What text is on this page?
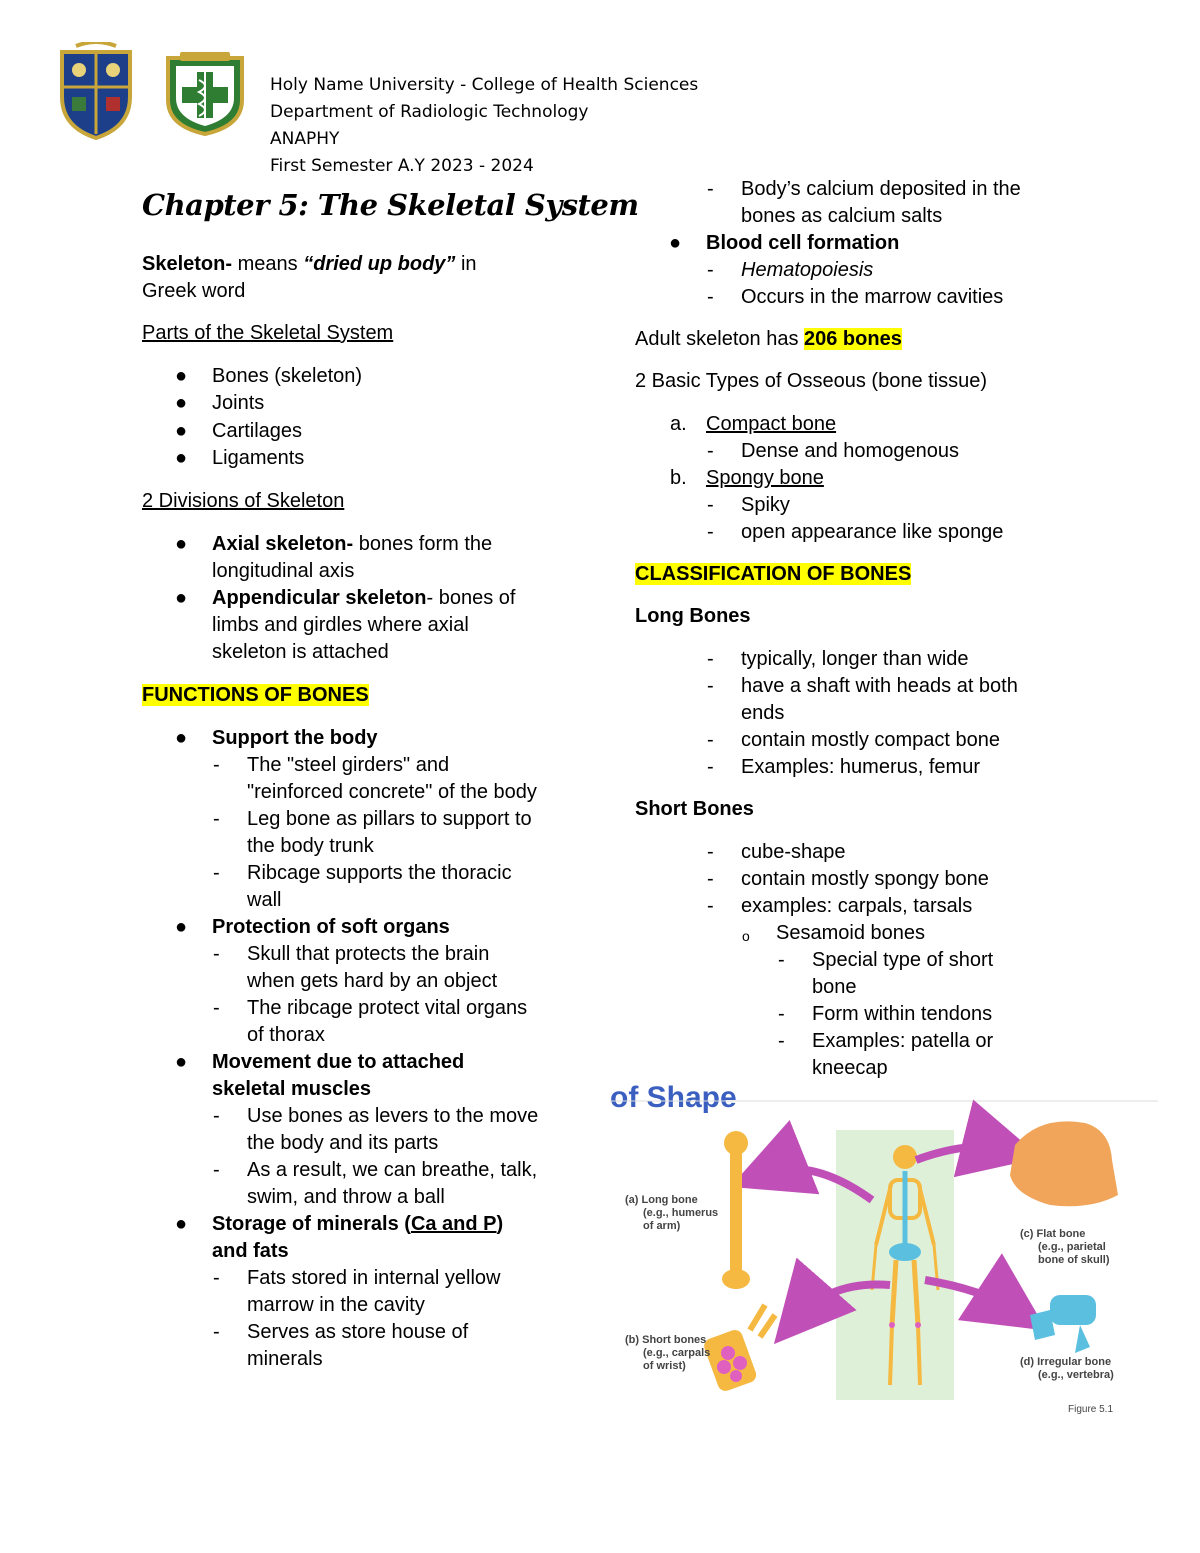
Holy Name University - College of Health Sciences
Department of Radiologic Technology
ANAPHY
First Semester A.Y 2023 - 2024
Chapter 5: The Skeletal System

Skeleton- means “dried up body” in

Greek word

Parts of the Skeletal System

● Bones (skeleton)
● Joints
● Cartilages
● Ligaments

2 Divisions of Skeleton

● Axial skeleton- bones form the
longitudinal axis
● Appendicular skeleton- bones of
limbs and girdles where axial
skeleton is attached

FUNCTIONS OF BONES

● Support the body
- The "steel girders" and
"reinforced concrete" of the body
- Leg bone as pillars to support to
the body trunk
- Ribcage supports the thoracic
wall
● Protection of soft organs
- Skull that protects the brain
when gets hard by an object
- The ribcage protect vital organs
of thorax
● Movement due to attached
skeletal muscles
- Use bones as levers to the move
the body and its parts
- As a result, we can breathe, talk,
swim, and throw a ball
● Storage of minerals (Ca and P)
and fats
- Fats stored in internal yellow
marrow in the cavity
- Serves as store house of
minerals
- Body’s calcium deposited in the
bones as calcium salts
● Blood cell formation
- Hematopoiesis
- Occurs in the marrow cavities

Adult skeleton has 206 bones

2 Basic Types of Osseous (bone tissue)

a. Compact bone
- Dense and homogenous
b. Spongy bone
- Spiky
- open appearance like sponge

CLASSIFICATION OF BONES

Long Bones

- typically, longer than wide
- have a shaft with heads at both
ends
- contain mostly compact bone
- Examples: humerus, femur

Short Bones

- cube-shape
- contain mostly spongy bone
- examples: carpals, tarsals
o Sesamoid bones
- Special type of short
bone
- Form within tendons
- Examples: patella or
kneecap
of Shape
(a) Long bone
(e.g., humerus
of arm)
(b) Short bones
(e.g., carpals
of wrist)
(c) Flat bone
(e.g., parietal
bone of skull)
(d) Irregular bone
(e.g., vertebra)
Figure 5.1
